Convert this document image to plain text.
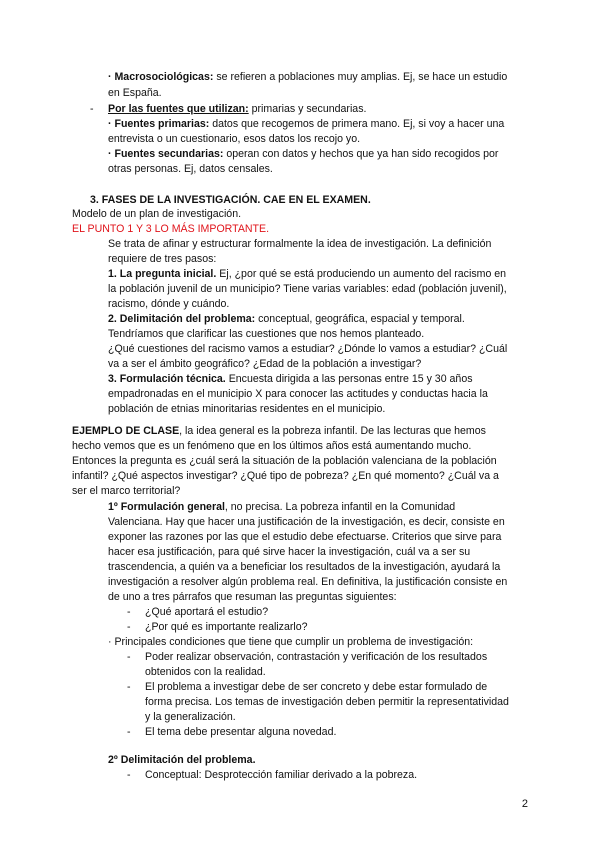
· Macrosociológicas: se refieren a poblaciones muy amplias. Ej, se hace un estudio
en España.
- Por las fuentes que utilizan: primarias y secundarias.
· Fuentes primarias: datos que recogemos de primera mano. Ej, si voy a hacer una
entrevista o un cuestionario, esos datos los recojo yo.
· Fuentes secundarias: operan con datos y hechos que ya han sido recogidos por
otras personas. Ej, datos censales.
3. FASES DE LA INVESTIGACIÓN. CAE EN EL EXAMEN.
Modelo de un plan de investigación.
EL PUNTO 1 Y 3 LO MÁS IMPORTANTE.
Se trata de afinar y estructurar formalmente la idea de investigación. La definición
requiere de tres pasos:
1. La pregunta inicial. Ej, ¿por qué se está produciendo un aumento del racismo en
la población juvenil de un municipio? Tiene varias variables: edad (población juvenil),
racismo, dónde y cuándo.
2. Delimitación del problema: conceptual, geográfica, espacial y temporal.
Tendríamos que clarificar las cuestiones que nos hemos planteado.
¿Qué cuestiones del racismo vamos a estudiar? ¿Dónde lo vamos a estudiar? ¿Cuál
va a ser el ámbito geográfico? ¿Edad de la población a investigar?
3. Formulación técnica. Encuesta dirigida a las personas entre 15 y 30 años
empadronadas en el municipio X para conocer las actitudes y conductas hacia la
población de etnias minoritarias residentes en el municipio.
EJEMPLO DE CLASE, la idea general es la pobreza infantil. De las lecturas que hemos
hecho vemos que es un fenómeno que en los últimos años está aumentando mucho.
Entonces la pregunta es ¿cuál será la situación de la población valenciana de la población
infantil? ¿Qué aspectos investigar? ¿Qué tipo de pobreza? ¿En qué momento? ¿Cuál va a
ser el marco territorial?
1º Formulación general, no precisa. La pobreza infantil en la Comunidad
Valenciana. Hay que hacer una justificación de la investigación, es decir, consiste en
exponer las razones por las que el estudio debe efectuarse. Criterios que sirve para
hacer esa justificación, para qué sirve hacer la investigación, cuál va a ser su
trascendencia, a quién va a beneficiar los resultados de la investigación, ayudará la
investigación a resolver algún problema real. En definitiva, la justificación consiste en
de uno a tres párrafos que resuman las preguntas siguientes:
- ¿Qué aportará el estudio?
- ¿Por qué es importante realizarlo?
· Principales condiciones que tiene que cumplir un problema de investigación:
- Poder realizar observación, contrastación y verificación de los resultados
obtenidos con la realidad.
- El problema a investigar debe de ser concreto y debe estar formulado de
forma precisa. Los temas de investigación deben permitir la representatividad
y la generalización.
- El tema debe presentar alguna novedad.
2º Delimitación del problema.
- Conceptual: Desprotección familiar derivado a la pobreza.
2
